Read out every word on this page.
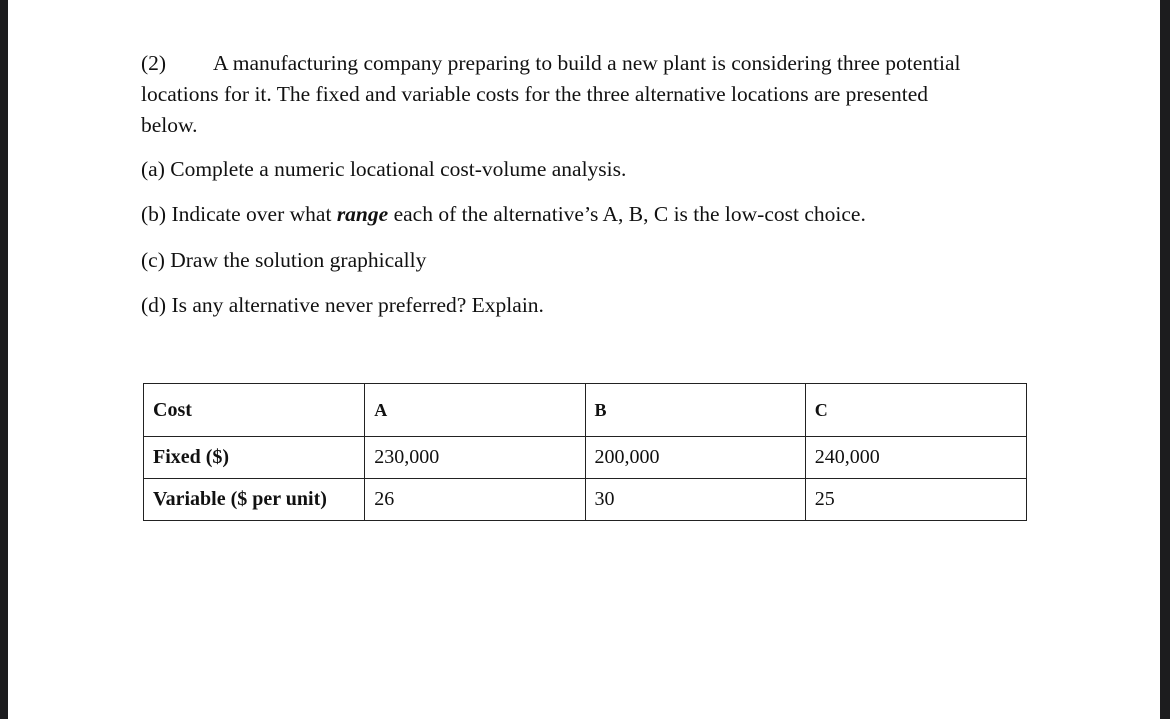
(2) A manufacturing company preparing to build a new plant is considering three potential
locations for it. The fixed and variable costs for the three alternative locations are presented
below.
(a) Complete a numeric locational cost-volume analysis.
(b) Indicate over what range each of the alternative’s A, B, C is the low-cost choice.
(c) Draw the solution graphically
(d) Is any alternative never preferred? Explain.
Cost	A	B	C
Fixed ($)	230,000	200,000	240,000
Variable ($ per unit)	26	30	25
